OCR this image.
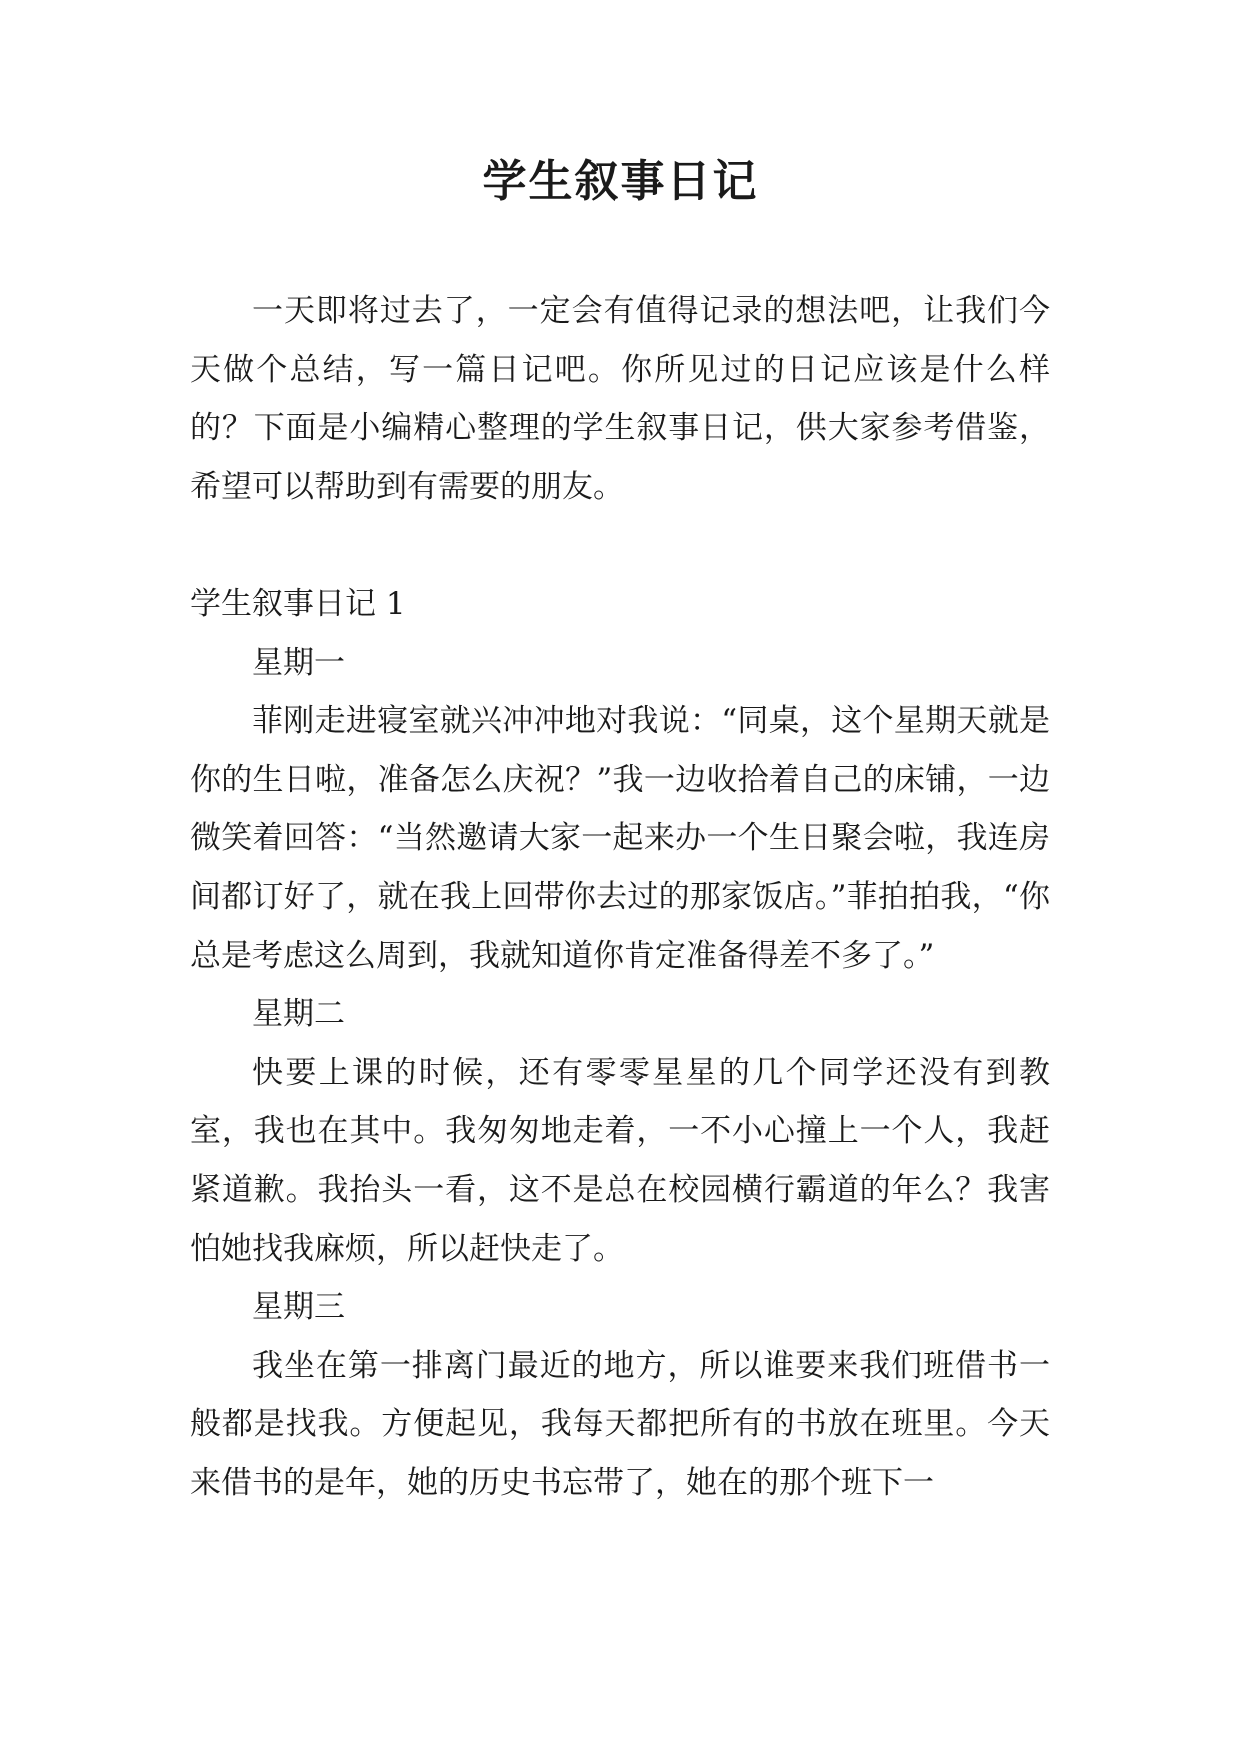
学生叙事日记

一天即将过去了，一定会有值得记录的想法吧，让我们今天做个总结，写一篇日记吧。你所见过的日记应该是什么样的？下面是小编精心整理的学生叙事日记，供大家参考借鉴，希望可以帮助到有需要的朋友。

学生叙事日记 1

星期一

菲刚走进寝室就兴冲冲地对我说：“同桌，这个星期天就是你的生日啦，准备怎么庆祝？”我一边收拾着自己的床铺，一边微笑着回答：“当然邀请大家一起来办一个生日聚会啦，我连房间都订好了，就在我上回带你去过的那家饭店。”菲拍拍我，“你总是考虑这么周到，我就知道你肯定准备得差不多了。”

星期二

快要上课的时候，还有零零星星的几个同学还没有到教室，我也在其中。我匆匆地走着，一不小心撞上一个人，我赶紧道歉。我抬头一看，这不是总在校园横行霸道的年么？我害怕她找我麻烦，所以赶快走了。

星期三

我坐在第一排离门最近的地方，所以谁要来我们班借书一般都是找我。方便起见，我每天都把所有的书放在班里。今天来借书的是年，她的历史书忘带了，她在的那个班下一
